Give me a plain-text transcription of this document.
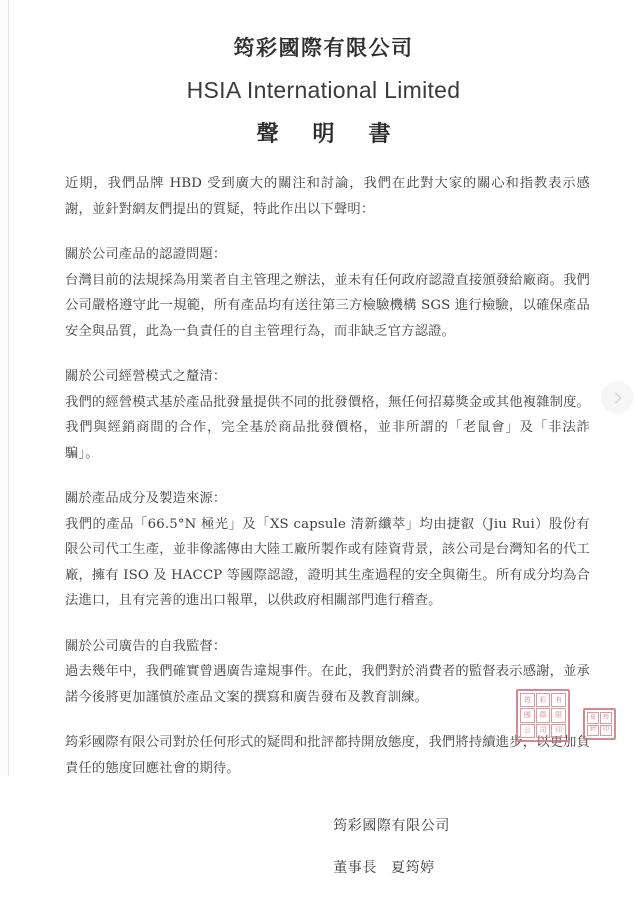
筠彩國際有限公司
HSIA International Limited
聲明書

近期，我們品牌 HBD 受到廣大的關注和討論，我們在此對大家的關心和指教表示感謝，並針對網友們提出的質疑，特此作出以下聲明：

關於公司產品的認證問題：

台灣目前的法規採為用業者自主管理之辦法，並未有任何政府認證直接頒發給廠商。我們公司嚴格遵守此一規範，所有產品均有送往第三方檢驗機構 SGS 進行檢驗，以確保產品安全與品質，此為一負責任的自主管理行為，而非缺乏官方認證。

關於公司經營模式之釐清：

我們的經營模式基於產品批發量提供不同的批發價格，無任何招募獎金或其他複雜制度。我們與經銷商間的合作，完全基於商品批發價格，並非所謂的「老鼠會」及「非法詐騙」。

關於產品成分及製造來源：

我們的產品「66.5°N 極光」及「XS capsule 清新纖萃」均由捷叡（Jiu Rui）股份有限公司代工生產，並非像謠傳由大陸工廠所製作或有陸資背景，該公司是台灣知名的代工廠，擁有 ISO 及 HACCP 等國際認證，證明其生產過程的安全與衛生。所有成分均為合法進口，且有完善的進出口報單，以供政府相關部門進行稽查。

關於公司廣告的自我監督：

過去幾年中，我們確實曾遇廣告違規事件。在此，我們對於消費者的監督表示感謝，並承諾今後將更加謹慎於產品文案的撰寫和廣告發布及教育訓練。

筠彩國際有限公司對於任何形式的疑問和批評都持開放態度，我們將持續進步，以更加負責任的態度回應社會的期待。

筠彩國際有限公司
董事長 夏筠婷
筠	彩	有
國	際	限
公	司	印
夏	筠
婷	印
